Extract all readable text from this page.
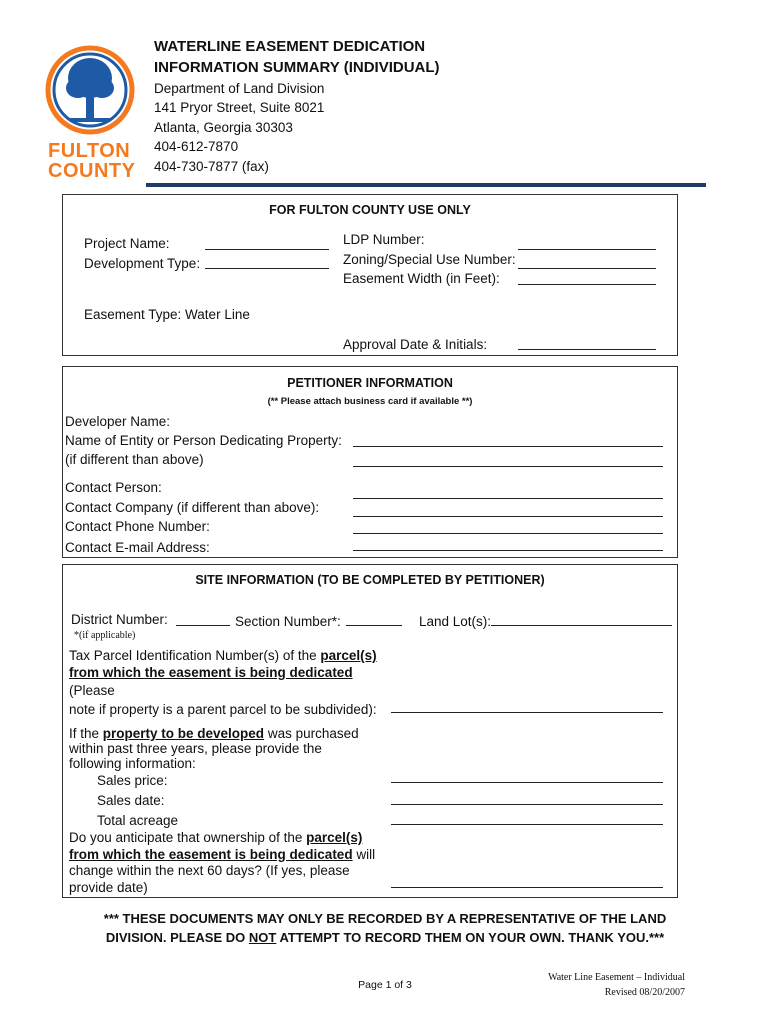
FULTON
COUNTY
WATERLINE EASEMENT DEDICATION
INFORMATION SUMMARY (INDIVIDUAL)
Department of Land Division
141 Pryor Street, Suite 8021
Atlanta, Georgia 30303
404-612-7870
404-730-7877 (fax)
FOR FULTON COUNTY USE ONLY
Project Name:
Development Type:
LDP Number:
Zoning/Special Use Number:
Easement Width (in Feet):
Easement Type: Water Line
Approval Date & Initials:
PETITIONER INFORMATION
(** Please attach business card if available **)
Developer Name:
Name of Entity or Person Dedicating Property:
(if different than above)
Contact Person:
Contact Company (if different than above):
Contact Phone Number:
Contact E-mail Address:
SITE INFORMATION (TO BE COMPLETED BY PETITIONER)
District Number:	Section Number*:	Land Lot(s):
*(if applicable)
Tax Parcel Identification Number(s) of the parcel(s)
from which the easement is being dedicated
(Please
note if property is a parent parcel to be subdivided):
If the property to be developed was purchased
within past three years, please provide the
following information:
Sales price:
Sales date:
Total acreage
Do you anticipate that ownership of the parcel(s)
from which the easement is being dedicated will
change within the next 60 days? (If yes, please
provide date)
*** THESE DOCUMENTS MAY ONLY BE RECORDED BY A REPRESENTATIVE OF THE LAND
DIVISION. PLEASE DO NOT ATTEMPT TO RECORD THEM ON YOUR OWN. THANK YOU.***
Page 1 of 3
Water Line Easement – Individual
Revised 08/20/2007
